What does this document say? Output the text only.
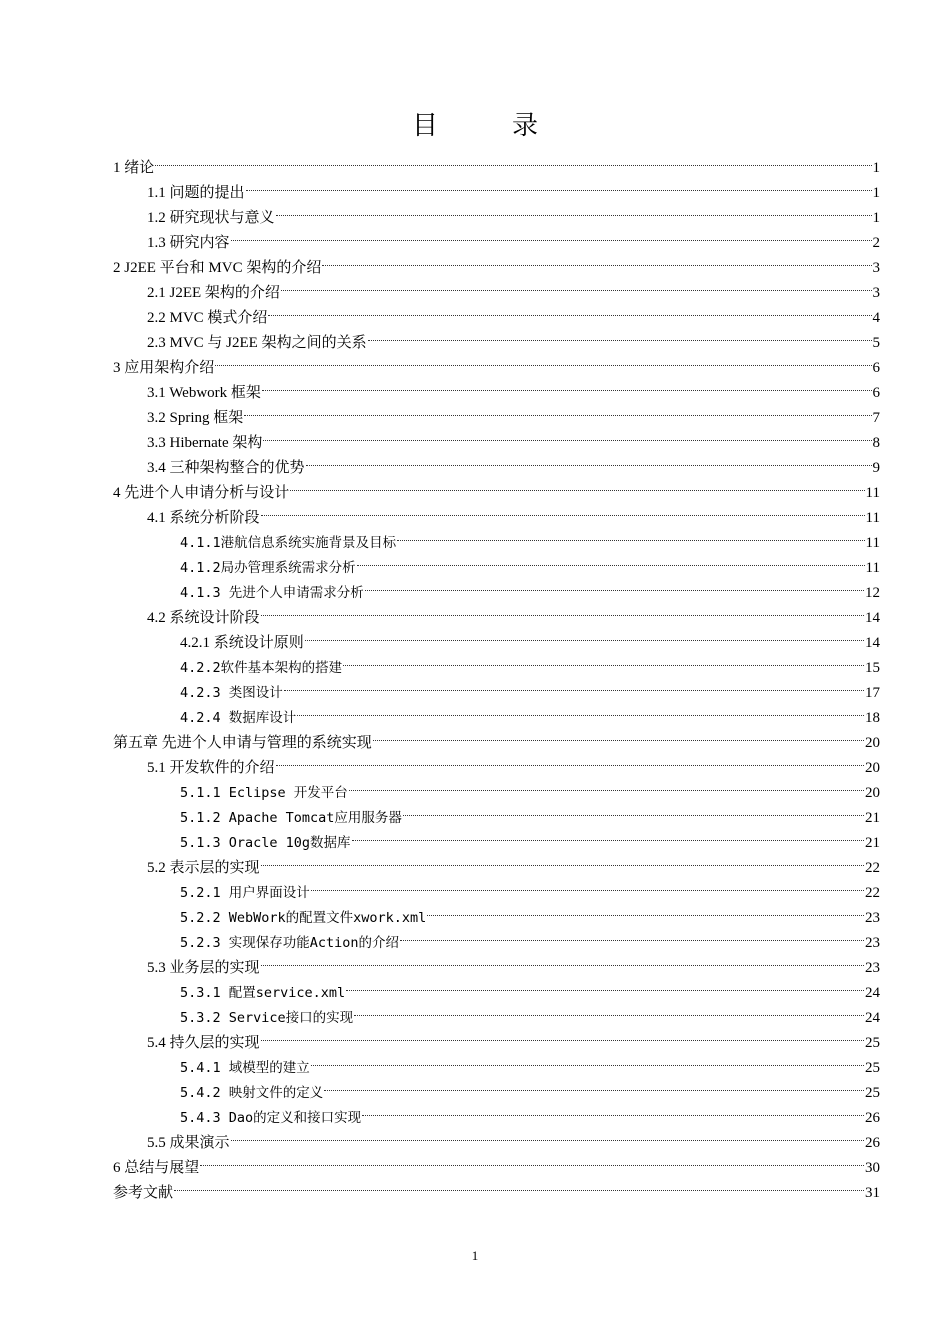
目　录
1 绪论	1
1.1 问题的提出	1
1.2 研究现状与意义	1
1.3 研究内容	2
2 J2EE 平台和 MVC 架构的介绍	3
2.1 J2EE 架构的介绍	3
2.2 MVC 模式介绍	4
2.3 MVC 与 J2EE 架构之间的关系	5
3 应用架构介绍	6
3.1 Webwork 框架	6
3.2 Spring 框架	7
3.3 Hibernate 架构	8
3.4 三种架构整合的优势	9
4 先进个人申请分析与设计	11
4.1 系统分析阶段	11
4.1.1港航信息系统实施背景及目标	11
4.1.2局办管理系统需求分析	11
4.1.3 先进个人申请需求分析	12
4.2 系统设计阶段	14
4.2.1 系统设计原则	14
4.2.2软件基本架构的搭建	15
4.2.3 类图设计	17
4.2.4 数据库设计	18
第五章 先进个人申请与管理的系统实现	20
5.1 开发软件的介绍	20
5.1.1 Eclipse 开发平台	20
5.1.2 Apache Tomcat应用服务器	21
5.1.3 Oracle 10g数据库	21
5.2 表示层的实现	22
5.2.1 用户界面设计	22
5.2.2 WebWork的配置文件xwork.xml	23
5.2.3 实现保存功能Action的介绍	23
5.3 业务层的实现	23
5.3.1 配置service.xml	24
5.3.2 Service接口的实现	24
5.4 持久层的实现	25
5.4.1 域模型的建立	25
5.4.2 映射文件的定义	25
5.4.3 Dao的定义和接口实现	26
5.5 成果演示	26
6 总结与展望	30
参考文献	31
1
